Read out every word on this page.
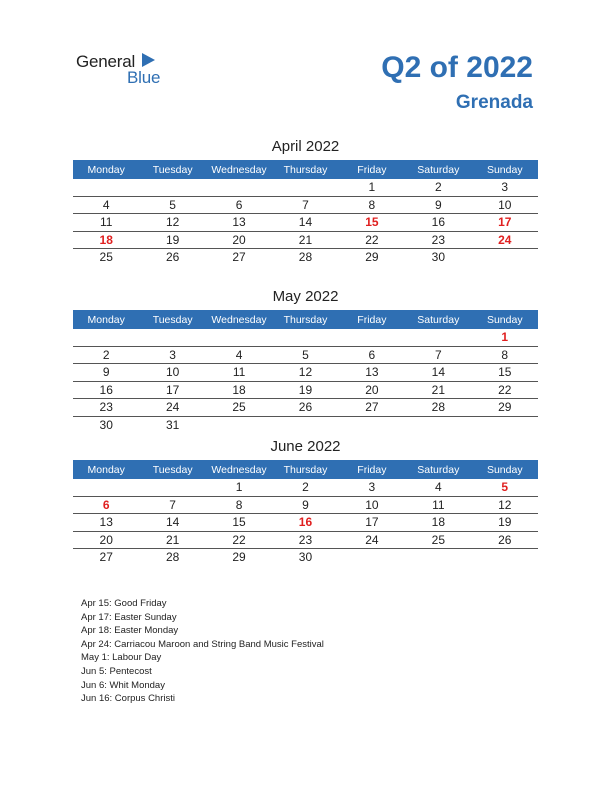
General
Blue	Q2 of 2022
Grenada
April 2022
Monday	Tuesday	Wednesday	Thursday	Friday	Saturday	Sunday
				1	2	3
4	5	6	7	8	9	10
11	12	13	14	15	16	17
18	19	20	21	22	23	24
25	26	27	28	29	30	
May 2022
Monday	Tuesday	Wednesday	Thursday	Friday	Saturday	Sunday
						1
2	3	4	5	6	7	8
9	10	11	12	13	14	15
16	17	18	19	20	21	22
23	24	25	26	27	28	29
30	31					
June 2022
Monday	Tuesday	Wednesday	Thursday	Friday	Saturday	Sunday
		1	2	3	4	5
6	7	8	9	10	11	12
13	14	15	16	17	18	19
20	21	22	23	24	25	26
27	28	29	30			
Apr 15: Good Friday
Apr 17: Easter Sunday
Apr 18: Easter Monday
Apr 24: Carriacou Maroon and String Band Music Festival
May 1: Labour Day
Jun 5: Pentecost
Jun 6: Whit Monday
Jun 16: Corpus Christi
